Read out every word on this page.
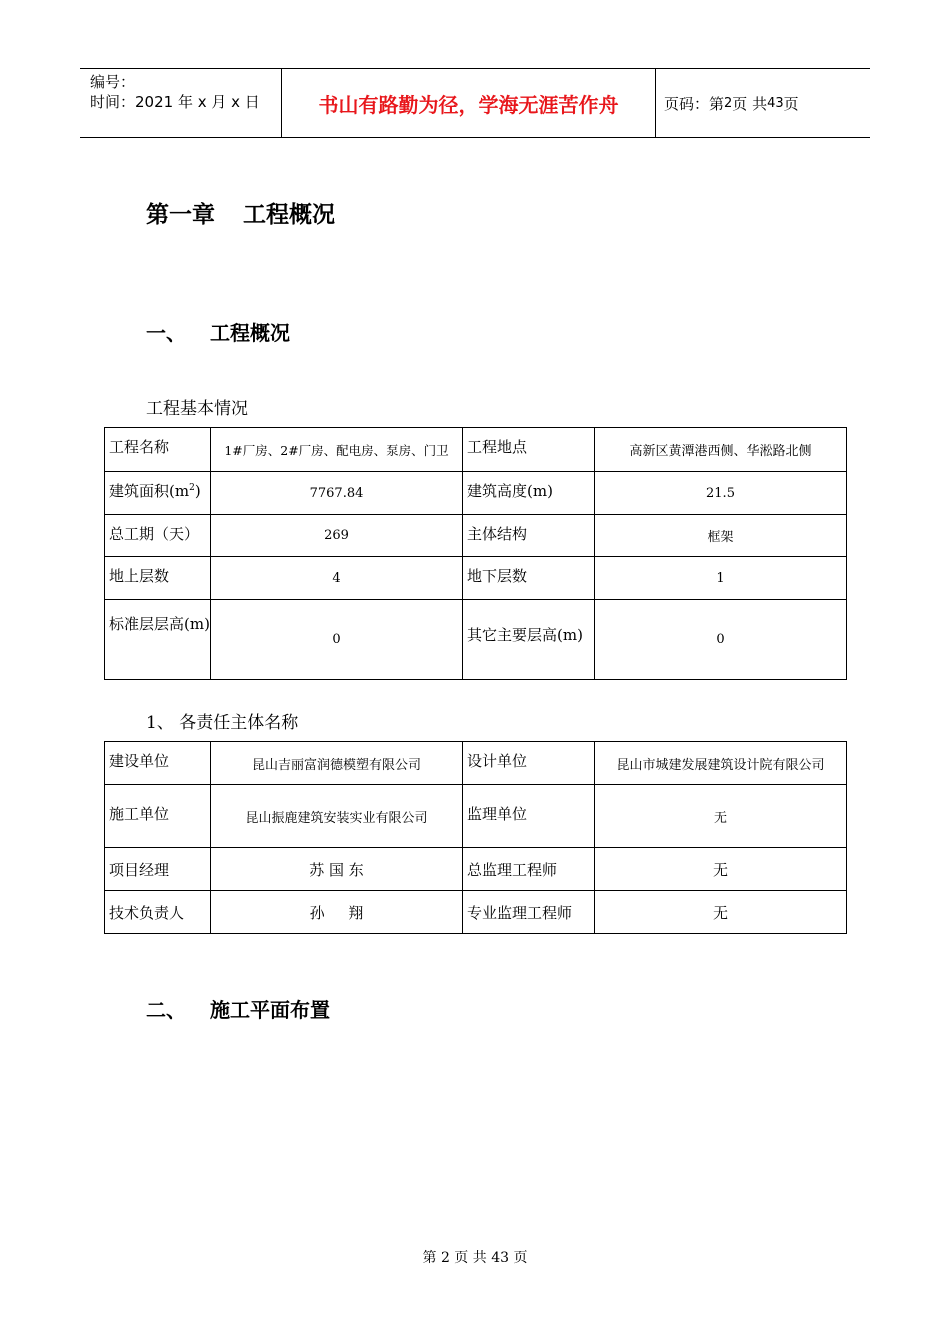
编号：
时间：2021 年 x 月 x 日	书山有路勤为径，学海无涯苦作舟	页码：第 2 页 共 43 页
第一章 工程概况
一、 工程概况
工程基本情况
工程名称	1#厂房、2#厂房、配电房、泵房、门卫	工程地点	高新区黄潭港西侧、华淞路北侧
建筑面积$(m^2)$	7767.84	建筑高度(m)	21.5
总工期（天）	269	主体结构	框架
地上层数	4	地下层数	1
标准层层高(m)	0	其它主要层高(m)	0
1、 各责任主体名称
建设单位	昆山吉丽富润德模塑有限公司	设计单位	昆山市城建发展建筑设计院有限公司
施工单位	昆山振鹿建筑安装实业有限公司	监理单位	无
项目经理	苏 国 东	总监理工程师	无
技术负责人	孙     翔	专业监理工程师	无
二、 施工平面布置
第 2 页 共 43 页
